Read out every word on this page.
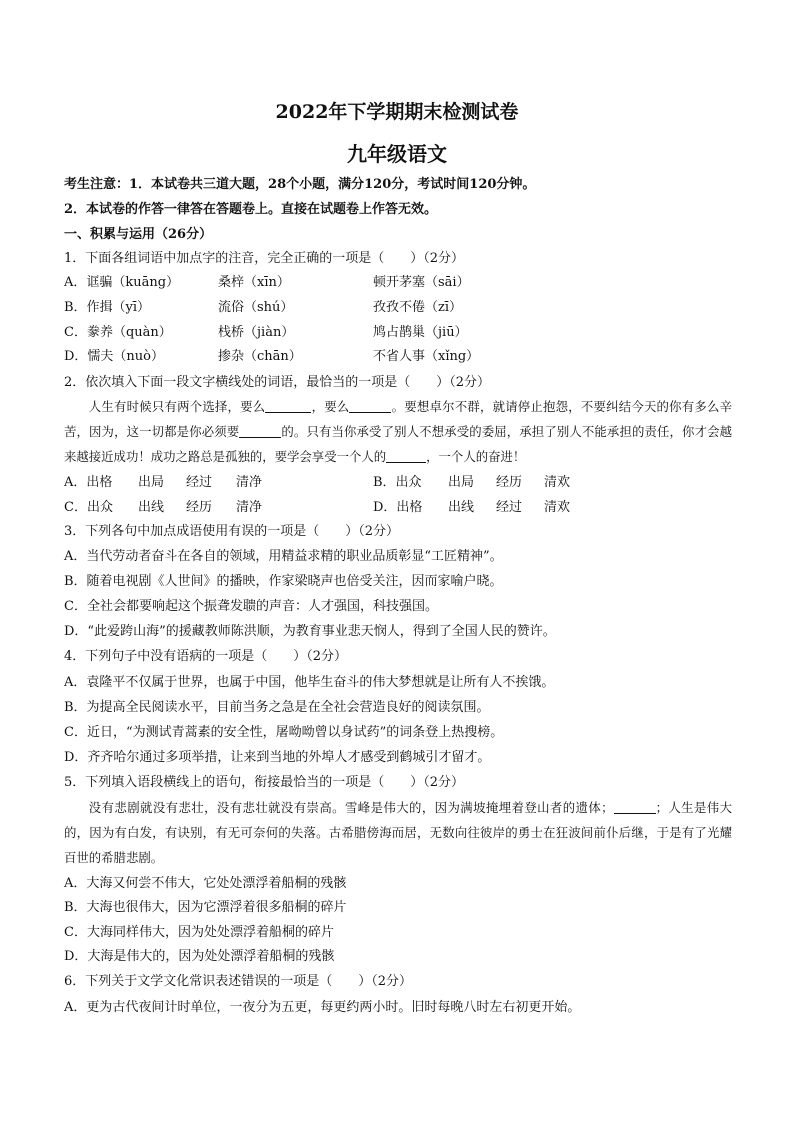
2022年下学期期末检测试卷
九年级语文
考生注意：1．本试卷共三道大题，28个小题，满分120分，考试时间120分钟。
2．本试卷的作答一律答在答题卷上。直接在试题卷上作答无效。
一、积累与运用（26分）
1．下面各组词语中加点字的注音，完全正确的一项是（　　）（2分）
A．诓骗（kuāng）	桑梓（xīn）	顿开茅塞（sāi）
B．作揖（yī）	流俗（shú）	孜孜不倦（zī）
C．豢养（quàn）	栈桥（jiàn）	鸠占鹊巢（jiū）
D．懦夫（nuò）	掺杂（chān）	不省人事（xǐng）
2．依次填入下面一段文字横线处的词语，最恰当的一项是（　　）（2分）
人生有时候只有两个选择，要么	，要么	。要想卓尔不群，就请停止抱怨，不要纠结今天的你有多么辛苦，因为，这一切都是你必须要	的。只有当你承受了别人不想承受的委屈，承担了别人不能承担的责任，你才会越来越接近成功！成功之路总是孤独的，要学会享受一个人的	，一个人的奋进！
A．出格 出局 经过 清净	B．出众 出局 经历 清欢
C．出众 出线 经历 清净	D．出格 出线 经过 清欢
3．下列各句中加点成语使用有误的一项是（　　）（2分）
A．当代劳动者奋斗在各自的领域，用精益求精的职业品质彰显“工匠精神”。
B．随着电视剧《人世间》的播映，作家梁晓声也倍受关注，因而家喻户晓。
C．全社会都要响起这个振聋发聩的声音：人才强国，科技强国。
D．“此爱跨山海”的援藏教师陈洪顺，为教育事业悲天悯人，得到了全国人民的赞许。
4．下列句子中没有语病的一项是（　　）（2分）
A．袁隆平不仅属于世界，也属于中国，他毕生奋斗的伟大梦想就是让所有人不挨饿。
B．为提高全民阅读水平，目前当务之急是在全社会营造良好的阅读氛围。
C．近日，“为测试青蒿素的安全性，屠呦呦曾以身试药”的词条登上热搜榜。
D．齐齐哈尔通过多项举措，让来到当地的外埠人才感受到鹤城引才留才。
5．下列填入语段横线上的语句，衔接最恰当的一项是（　　）（2分）
没有悲剧就没有悲壮，没有悲壮就没有崇高。雪峰是伟大的，因为满坡掩埋着登山者的遗体；	；人生是伟大的，因为有白发，有诀别，有无可奈何的失落。古希腊傍海而居，无数向往彼岸的勇士在狂波间前仆后继，于是有了光耀百世的希腊悲剧。
A．大海又何尝不伟大，它处处漂浮着船桐的残骸
B．大海也很伟大，因为它漂浮着很多船桐的碎片
C．大海同样伟大，因为处处漂浮着船桐的碎片
D．大海是伟大的，因为处处漂浮着船桐的残骸
6．下列关于文学文化常识表述错误的一项是（　　）（2分）
A．更为古代夜间计时单位，一夜分为五更，每更约两小时。旧时每晚八时左右初更开始。
